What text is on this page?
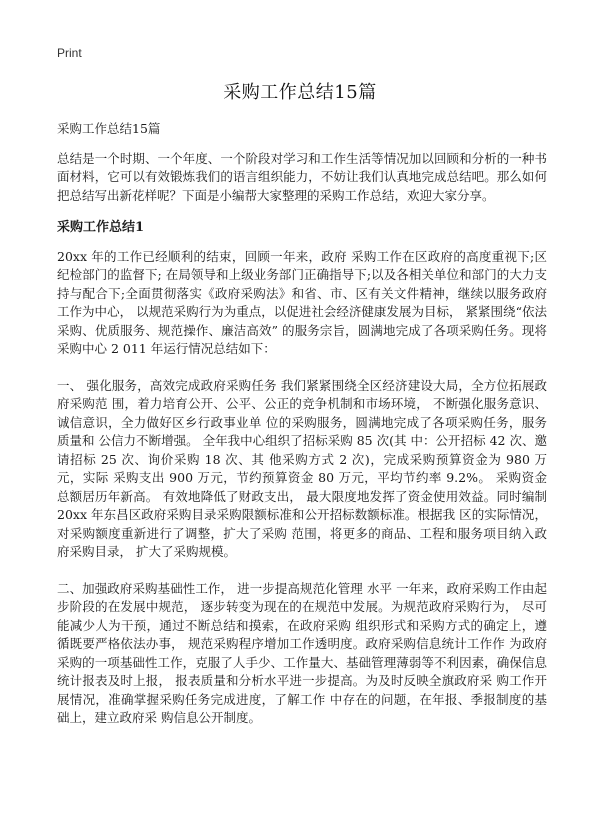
Print
采购工作总结15篇

采购工作总结15篇

总结是一个时期、一个年度、一个阶段对学习和工作生活等情况加以回顾和分析的一种书面材料，它可以有效锻炼我们的语言组织能力，不妨让我们认真地完成总结吧。那么如何把总结写出新花样呢？下面是小编帮大家整理的采购工作总结，欢迎大家分享。

采购工作总结1

20xx 年的工作已经顺利的结束，回顾一年来，政府 采购工作在区政府的高度重视下;区纪检部门的监督下; 在局领导和上级业务部门正确指导下;以及各相关单位和部门的大力支持与配合下;全面贯彻落实《政府采购法》和省、市、区有关文件精神，继续以服务政府工作为中心， 以规范采购行为为重点，以促进社会经济健康发展为目标， 紧紧围绕“依法采购、优质服务、规范操作、廉洁高效” 的服务宗旨，圆满地完成了各项采购任务。现将采购中心 2 011 年运行情况总结如下：

一、 强化服务，高效完成政府采购任务 我们紧紧围绕全区经济建设大局，全方位拓展政府采购范 围，着力培育公开、公平、公正的竞争机制和市场环境， 不断强化服务意识、诚信意识，全力做好区乡行政事业单 位的采购服务，圆满地完成了各项采购任务，服务质量和 公信力不断增强。 全年我中心组织了招标采购 85 次(其 中：公开招标 42 次、邀请招标 25 次、询价采购 18 次、其 他采购方式 2 次)，完成采购预算资金为 980 万元，实际 采购支出 900 万元，节约预算资金 80 万元，平均节约率 9.2%。 采购资金 总额居历年新高。 有效地降低了财政支出， 最大限度地发挥了资金使用效益。同时编制 20xx 年东昌区政府采购目录采购限额标准和公开招标数额标准。根据我 区的实际情况，对采购额度重新进行了调整，扩大了采购 范围，将更多的商品、工程和服务项目纳入政府采购目录， 扩大了采购规模。

二、加强政府采购基础性工作， 进一步提高规范化管理 水平 一年来，政府采购工作由起步阶段的在发展中规范， 逐步转变为现在的在规范中发展。为规范政府采购行为， 尽可能减少人为干预，通过不断总结和摸索，在政府采购 组织形式和采购方式的确定上，遵循既要严格依法办事， 规范采购程序增加工作透明度。政府采购信息统计工作作 为政府采购的一项基础性工作，克服了人手少、工作量大、基础管理薄弱等不利因素，确保信息统计报表及时上报， 报表质量和分析水平进一步提高。为及时反映全旗政府采 购工作开展情况，准确掌握采购任务完成进度，了解工作 中存在的问题，在年报、季报制度的基础上，建立政府采 购信息公开制度。
